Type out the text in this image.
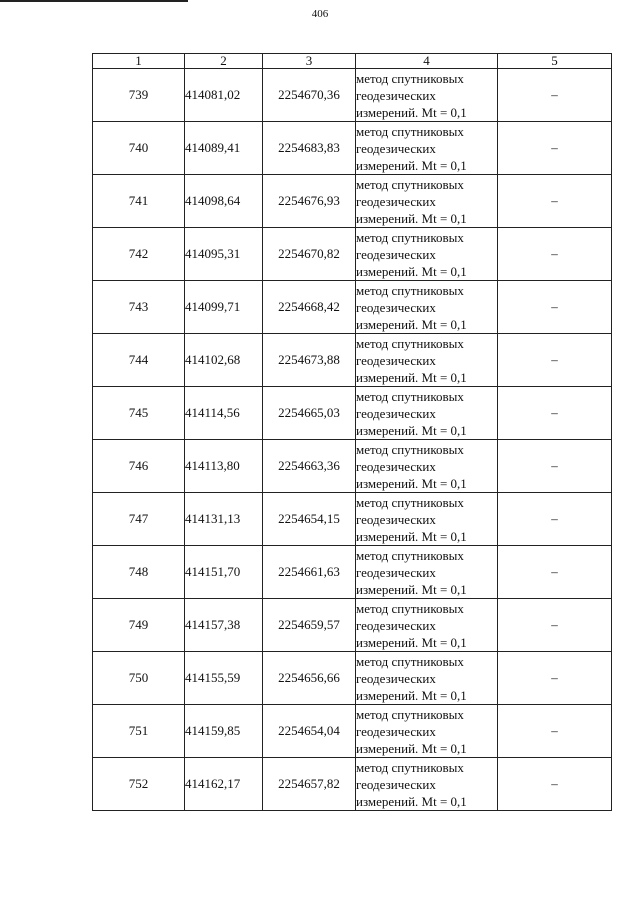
406
1	2	3	4	5
739	414081,02	2254670,36	метод спутниковых
геодезических
измерений. Mt = 0,1	–
740	414089,41	2254683,83	метод спутниковых
геодезических
измерений. Mt = 0,1	–
741	414098,64	2254676,93	метод спутниковых
геодезических
измерений. Mt = 0,1	–
742	414095,31	2254670,82	метод спутниковых
геодезических
измерений. Mt = 0,1	–
743	414099,71	2254668,42	метод спутниковых
геодезических
измерений. Mt = 0,1	–
744	414102,68	2254673,88	метод спутниковых
геодезических
измерений. Mt = 0,1	–
745	414114,56	2254665,03	метод спутниковых
геодезических
измерений. Mt = 0,1	–
746	414113,80	2254663,36	метод спутниковых
геодезических
измерений. Mt = 0,1	–
747	414131,13	2254654,15	метод спутниковых
геодезических
измерений. Mt = 0,1	–
748	414151,70	2254661,63	метод спутниковых
геодезических
измерений. Mt = 0,1	–
749	414157,38	2254659,57	метод спутниковых
геодезических
измерений. Mt = 0,1	–
750	414155,59	2254656,66	метод спутниковых
геодезических
измерений. Mt = 0,1	–
751	414159,85	2254654,04	метод спутниковых
геодезических
измерений. Mt = 0,1	–
752	414162,17	2254657,82	метод спутниковых
геодезических
измерений. Mt = 0,1	–
